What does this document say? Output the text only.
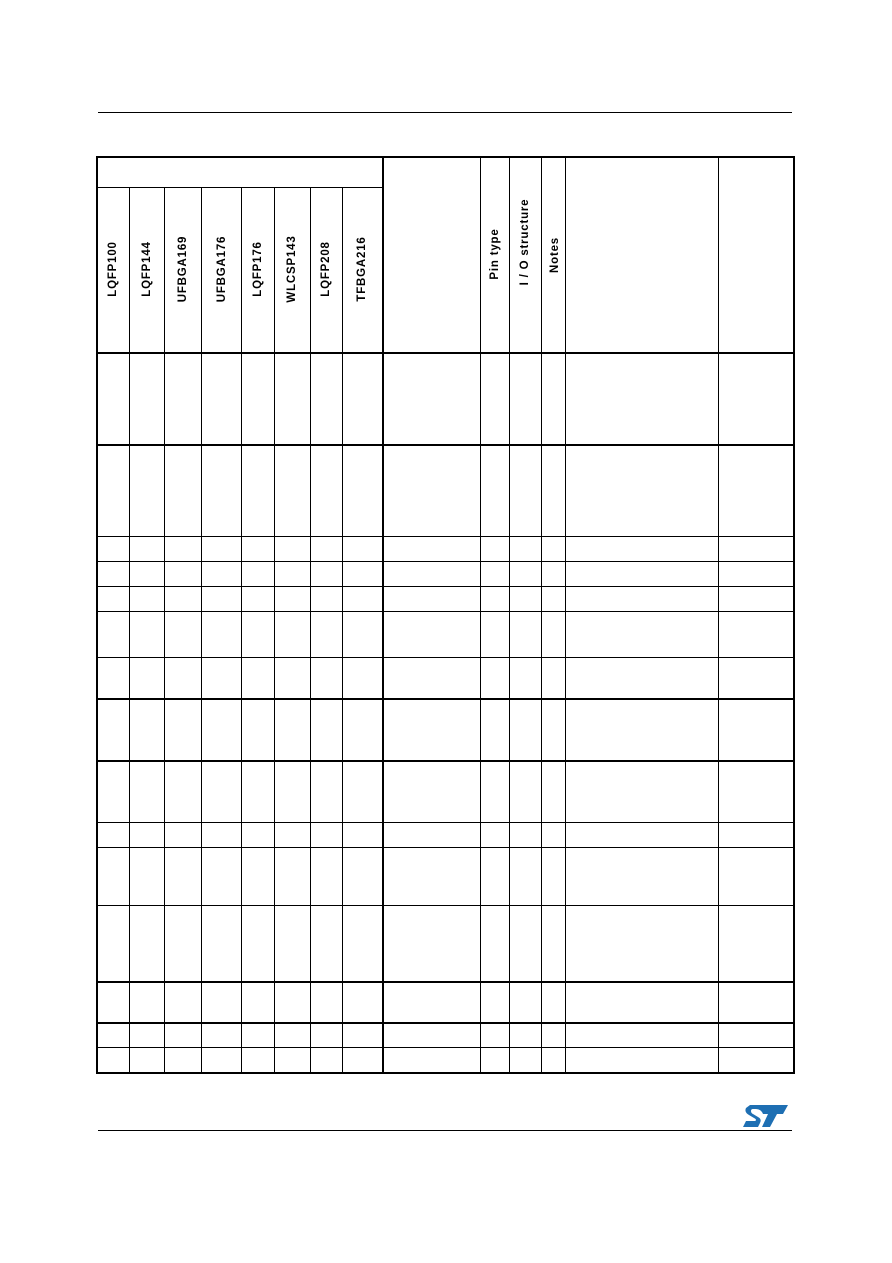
LQFP100 LQFP144 UFBGA169 UFBGA176 LQFP176 WLCSP143 LQFP208 TFBGA216	Pin type I / O structure Notes
